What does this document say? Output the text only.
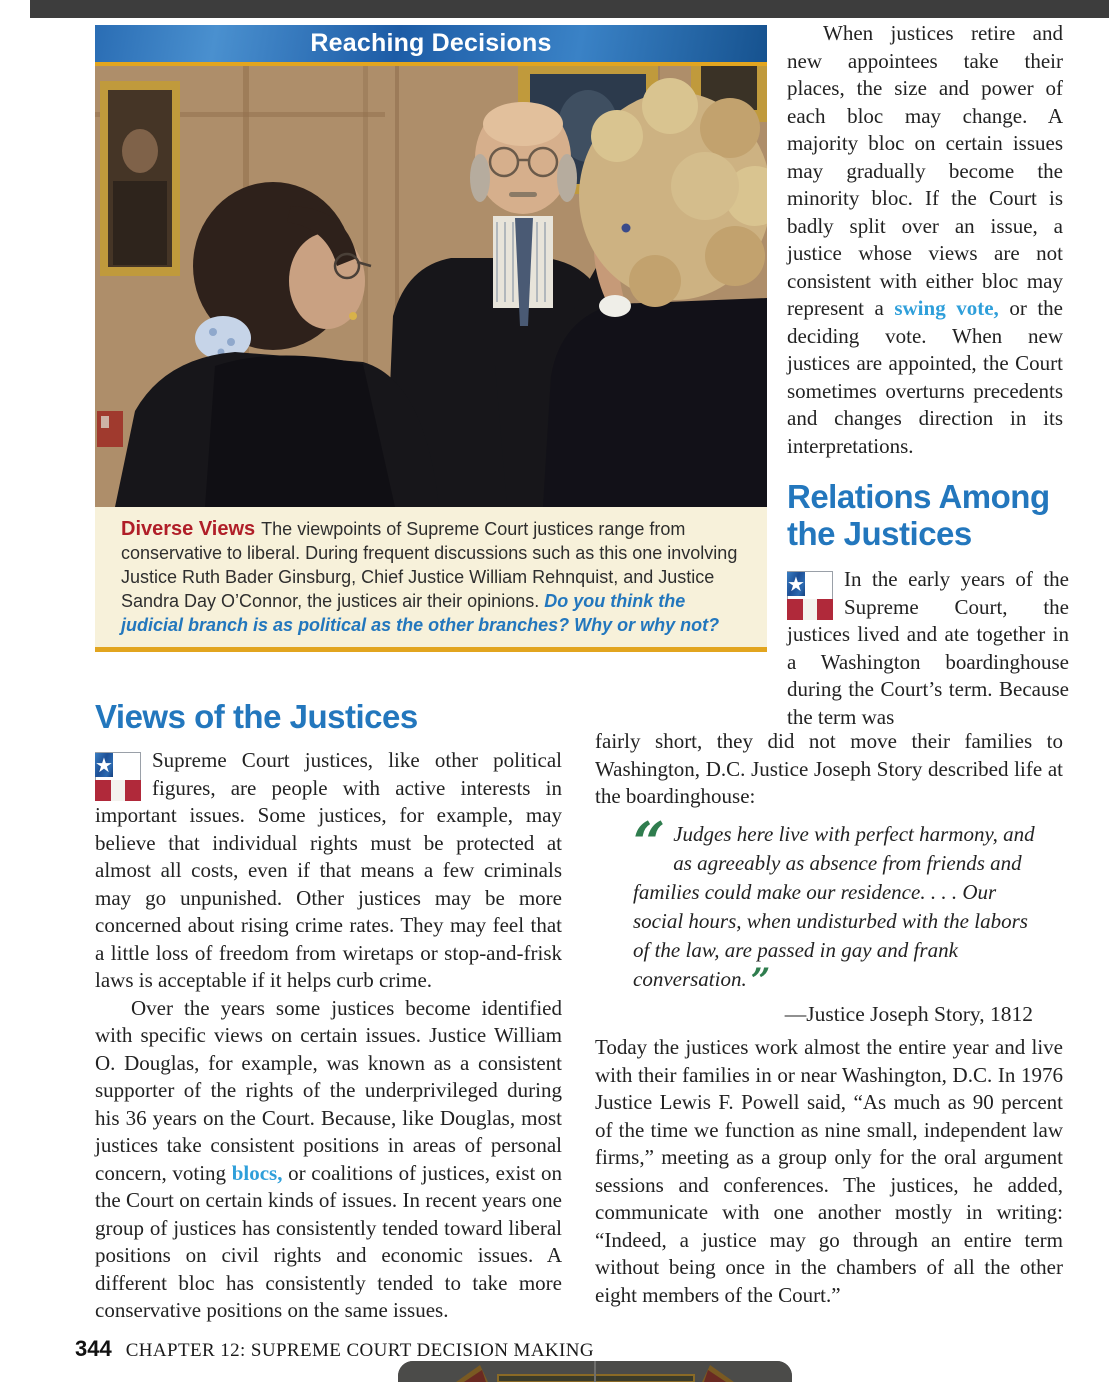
Reaching Decisions
Diverse Views The viewpoints of Supreme Court justices range from conservative to liberal. During frequent discussions such as this one involving Justice Ruth Bader Ginsburg, Chief Justice William Rehnquist, and Justice Sandra Day O’Connor, the justices air their opinions. Do you think the judicial branch is as political as the other branches? Why or why not?
When justices retire and new appointees take their places, the size and power of each bloc may change. A majority bloc on certain issues may gradually become the minority bloc. If the Court is badly split over an issue, a justice whose views are not consistent with either bloc may represent a swing vote, or the deciding vote. When new justices are appointed, the Court sometimes overturns precedents and changes direction in its interpretations.
Relations Among the Justices
★	In the early years of the Supreme Court, the justices lived and ate together in a Washington boardinghouse during the Court’s term. Because the term was
fairly short, they did not move their families to Washington, D.C. Justice Joseph Story described life at the boardinghouse:
“ Judges here live with perfect harmony, and as agreeably as absence from friends and families could make our residence. . . . Our social hours, when undisturbed with the labors of the law, are passed in gay and frank conversation. ”
—Justice Joseph Story, 1812
Today the justices work almost the entire year and live with their families in or near Washington, D.C. In 1976 Justice Lewis F. Powell said, “As much as 90 percent of the time we function as nine small, independent law firms,” meeting as a group only for the oral argument sessions and conferences. The justices, he added, communicate with one another mostly in writing: “Indeed, a justice may go through an entire term without being once in the chambers of all the other eight members of the Court.”
Views of the Justices

★	Supreme Court justices, like other political figures, are people with active interests in important issues. Some justices, for example, may believe that individual rights must be protected at almost all costs, even if that means a few criminals may go unpunished. Other justices may be more concerned about rising crime rates. They may feel that a little loss of freedom from wiretaps or stop-and-frisk laws is acceptable if it helps curb crime.

Over the years some justices become identified with specific views on certain issues. Justice William O. Douglas, for example, was known as a consistent supporter of the rights of the underprivileged during his 36 years on the Court. Because, like Douglas, most justices take consistent positions in areas of personal concern, voting blocs, or coalitions of justices, exist on the Court on certain kinds of issues. In recent years one group of justices has consistently tended toward liberal positions on civil rights and economic issues. A different bloc has consistently tended to take more conservative positions on the same issues.

344 CHAPTER 12: SUPREME COURT DECISION MAKING
